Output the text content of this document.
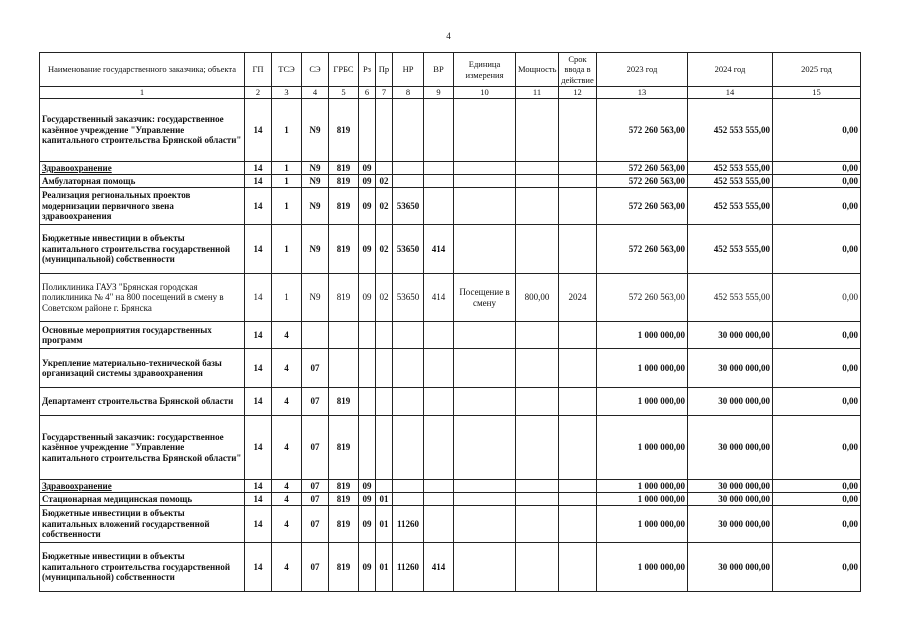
4
Наименование государственного заказчика; объекта	ГП	ТСЭ	СЭ	ГРБС	Рз	Пр	НР	ВР	Единица измерения	Мощность	Срок ввода в действие	2023 год	2024 год	2025 год
1	2	3	4	5	6	7	8	9	10	11	12	13	14	15
Государственный заказчик: государственное казённое учреждение "Управление капитального строительства Брянской области"	14	1	N9	819								572 260 563,00	452 553 555,00	0,00
Здравоохранение	14	1	N9	819	09							572 260 563,00	452 553 555,00	0,00
Амбулаторная помощь	14	1	N9	819	09	02						572 260 563,00	452 553 555,00	0,00
Реализация региональных проектов модернизации первичного звена здравоохранения	14	1	N9	819	09	02	53650					572 260 563,00	452 553 555,00	0,00
Бюджетные инвестиции в объекты капитального строительства государственной (муниципальной) собственности	14	1	N9	819	09	02	53650	414				572 260 563,00	452 553 555,00	0,00
Поликлиника ГАУЗ "Брянская городская поликлиника № 4" на 800 посещений в смену в Советском районе г. Брянска	14	1	N9	819	09	02	53650	414	Посещение в смену	800,00	2024	572 260 563,00	452 553 555,00	0,00
Основные мероприятия государственных программ	14	4										1 000 000,00	30 000 000,00	0,00
Укрепление материально-технической базы организаций системы здравоохранения	14	4	07									1 000 000,00	30 000 000,00	0,00
Департамент строительства Брянской области	14	4	07	819								1 000 000,00	30 000 000,00	0,00
Государственный заказчик: государственное казённое учреждение "Управление капитального строительства Брянской области"	14	4	07	819								1 000 000,00	30 000 000,00	0,00
Здравоохранение	14	4	07	819	09							1 000 000,00	30 000 000,00	0,00
Стационарная медицинская помощь	14	4	07	819	09	01						1 000 000,00	30 000 000,00	0,00
Бюджетные инвестиции в объекты капитальных вложений государственной собственности	14	4	07	819	09	01	11260					1 000 000,00	30 000 000,00	0,00
Бюджетные инвестиции в объекты капитального строительства государственной (муниципальной) собственности	14	4	07	819	09	01	11260	414				1 000 000,00	30 000 000,00	0,00
